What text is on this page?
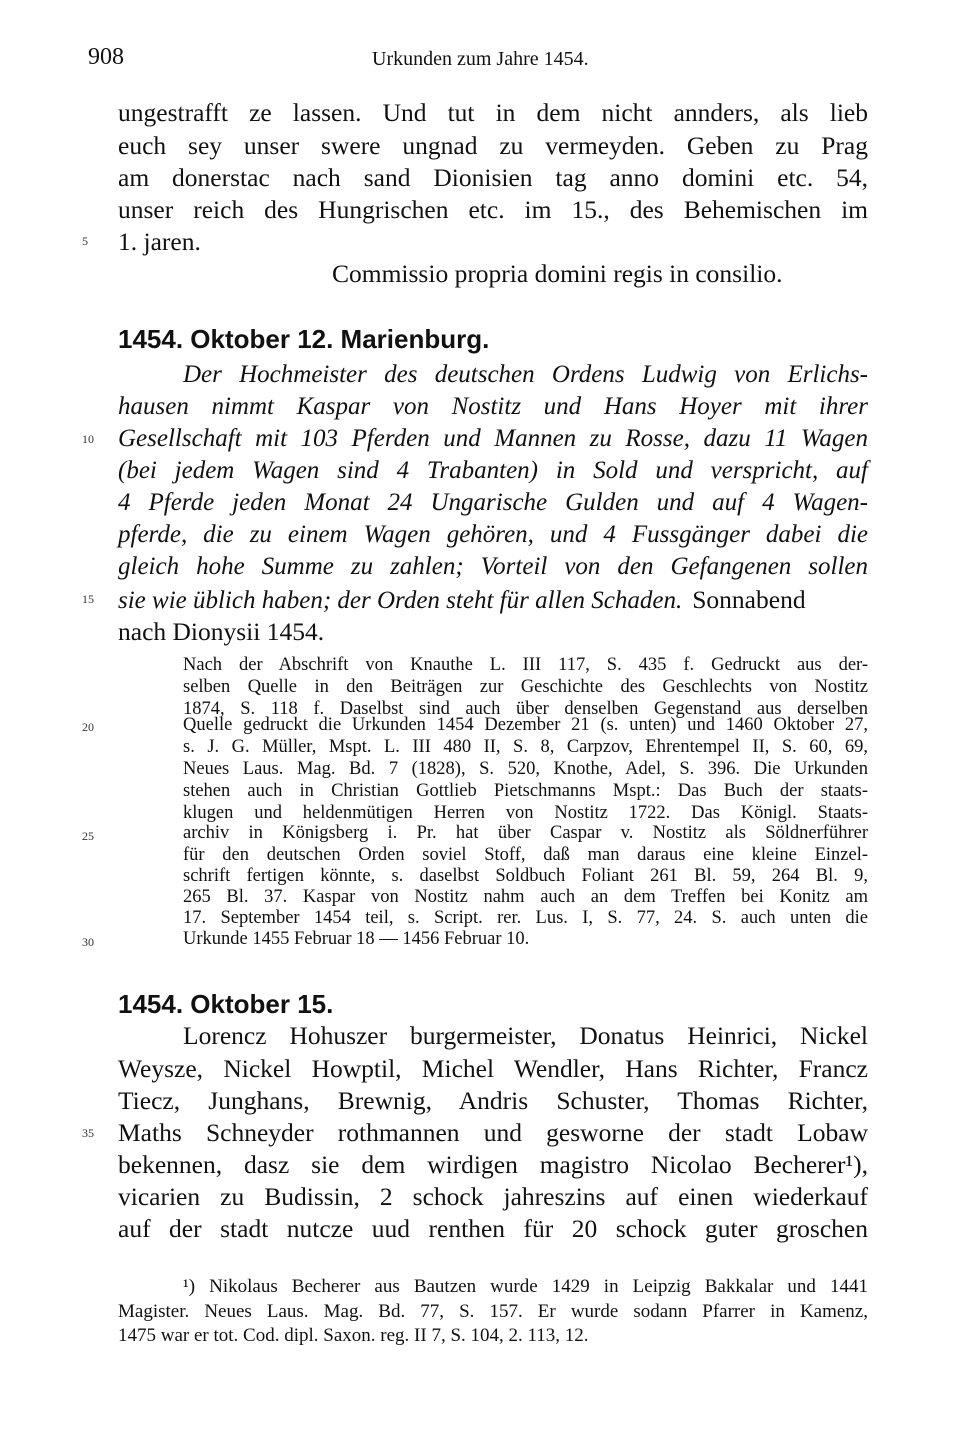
908	Urkunden zum Jahre 1454.
ungestrafft ze lassen. Und tut in dem nicht annders, als lieb
euch sey unser swere ungnad zu vermeyden. Geben zu Prag
am donerstac nach sand Dionisien tag anno domini etc. 54,
unser reich des Hungrischen etc. im 15., des Behemischen im
5 1. jaren.
Commissio propria domini regis in consilio.
1454. Oktober 12. Marienburg.
Der Hochmeister des deutschen Ordens Ludwig von Erlichs-
hausen nimmt Kaspar von Nostitz und Hans Hoyer mit ihrer
10 Gesellschaft mit 103 Pferden und Mannen zu Rosse, dazu 11 Wagen
(bei jedem Wagen sind 4 Trabanten) in Sold und verspricht, auf
4 Pferde jeden Monat 24 Ungarische Gulden und auf 4 Wagen-
pferde, die zu einem Wagen gehören, und 4 Fussgänger dabei die
gleich hohe Summe zu zahlen; Vorteil von den Gefangenen sollen
15 sie wie üblich haben; der Orden steht für allen Schaden. Sonnabend
nach Dionysii 1454.
Nach der Abschrift von Knauthe L. III 117, S. 435 f. Gedruckt aus der-
selben Quelle in den Beiträgen zur Geschichte des Geschlechts von Nostitz
1874, S. 118 f. Daselbst sind auch über denselben Gegenstand aus derselben
20	Quelle gedruckt die Urkunden 1454 Dezember 21 (s. unten) und 1460 Oktober 27,
s. J. G. Müller, Mspt. L. III 480 II, S. 8, Carpzov, Ehrentempel II, S. 60, 69,
Neues Laus. Mag. Bd. 7 (1828), S. 520, Knothe, Adel, S. 396. Die Urkunden
stehen auch in Christian Gottlieb Pietschmanns Mspt.: Das Buch der staats-
klugen und heldenmütigen Herren von Nostitz 1722. Das Königl. Staats-
25	archiv in Königsberg i. Pr. hat über Caspar v. Nostitz als Söldnerführer
für den deutschen Orden soviel Stoff, daß man daraus eine kleine Einzel-
schrift fertigen könnte, s. daselbst Soldbuch Foliant 261 Bl. 59, 264 Bl. 9,
265 Bl. 37. Kaspar von Nostitz nahm auch an dem Treffen bei Konitz am
17. September 1454 teil, s. Script. rer. Lus. I, S. 77, 24. S. auch unten die
30	Urkunde 1455 Februar 18 — 1456 Februar 10.
1454. Oktober 15.
Lorencz Hohuszer burgermeister, Donatus Heinrici, Nickel
Weysze, Nickel Howptil, Michel Wendler, Hans Richter, Francz
Tiecz, Junghans, Brewnig, Andris Schuster, Thomas Richter,
35 Maths Schneyder rothmannen und gesworne der stadt Lobaw
bekennen, dasz sie dem wirdigen magistro Nicolao Becherer¹),
vicarien zu Budissin, 2 schock jahreszins auf einen wiederkauf
auf der stadt nutcze uud renthen für 20 schock guter groschen
¹) Nikolaus Becherer aus Bautzen wurde 1429 in Leipzig Bakkalar und 1441
Magister. Neues Laus. Mag. Bd. 77, S. 157. Er wurde sodann Pfarrer in Kamenz,
1475 war er tot. Cod. dipl. Saxon. reg. II 7, S. 104, 2. 113, 12.
